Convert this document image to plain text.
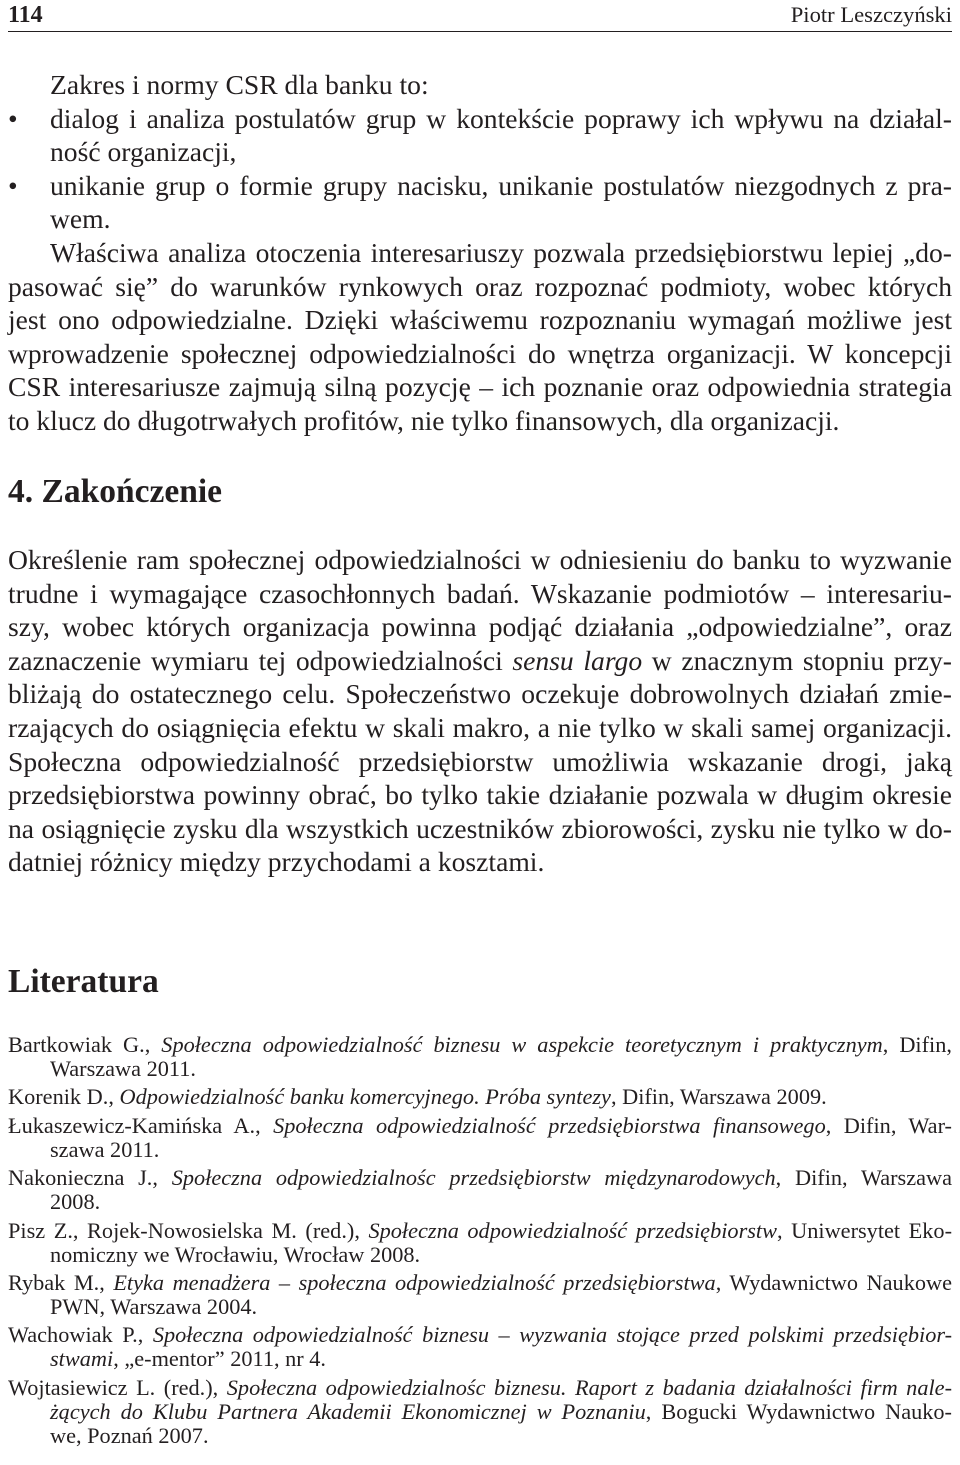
114	Piotr Leszczyński
Zakres i normy CSR dla banku to:
• dialog i analiza postulatów grup w kontekście poprawy ich wpływu na działal-
ność organizacji,
• unikanie grup o formie grupy nacisku, unikanie postulatów niezgodnych z pra-
wem.
Właściwa analiza otoczenia interesariuszy pozwala przedsiębiorstwu lepiej „do-
pasować się” do warunków rynkowych oraz rozpoznać podmioty, wobec których
jest ono odpowiedzialne. Dzięki właściwemu rozpoznaniu wymagań możliwe jest
wprowadzenie społecznej odpowiedzialności do wnętrza organizacji. W koncepcji
CSR interesariusze zajmują silną pozycję – ich poznanie oraz odpowiednia strategia
to klucz do długotrwałych profitów, nie tylko finansowych, dla organizacji.
4. Zakończenie
Określenie ram społecznej odpowiedzialności w odniesieniu do banku to wyzwanie
trudne i wymagające czasochłonnych badań. Wskazanie podmiotów – interesariu-
szy, wobec których organizacja powinna podjąć działania „odpowiedzialne”, oraz
zaznaczenie wymiaru tej odpowiedzialności sensu largo w znacznym stopniu przy-
bliżają do ostatecznego celu. Społeczeństwo oczekuje dobrowolnych działań zmie-
rzających do osiągnięcia efektu w skali makro, a nie tylko w skali samej organizacji.
Społeczna odpowiedzialność przedsiębiorstw umożliwia wskazanie drogi, jaką
przedsiębiorstwa powinny obrać, bo tylko takie działanie pozwala w długim okresie
na osiągnięcie zysku dla wszystkich uczestników zbiorowości, zysku nie tylko w do-
datniej różnicy między przychodami a kosztami.
Literatura
Bartkowiak G., Społeczna odpowiedzialność biznesu w aspekcie teoretycznym i praktycznym, Difin,
Warszawa 2011.
Korenik D., Odpowiedzialność banku komercyjnego. Próba syntezy, Difin, Warszawa 2009.
Łukaszewicz-Kamińska A., Społeczna odpowiedzialność przedsiębiorstwa finansowego, Difin, War-
szawa 2011.
Nakonieczna J., Społeczna odpowiedzialnośc przedsiębiorstw międzynarodowych, Difin, Warszawa
2008.
Pisz Z., Rojek-Nowosielska M. (red.), Społeczna odpowiedzialność przedsiębiorstw, Uniwersytet Eko-
nomiczny we Wrocławiu, Wrocław 2008.
Rybak M., Etyka menadżera – społeczna odpowiedzialność przedsiębiorstwa, Wydawnictwo Naukowe
PWN, Warszawa 2004.
Wachowiak P., Społeczna odpowiedzialność biznesu – wyzwania stojące przed polskimi przedsiębior-
stwami, „e-mentor” 2011, nr 4.
Wojtasiewicz L. (red.), Społeczna odpowiedzialnośc biznesu. Raport z badania działalności firm nale-
żących do Klubu Partnera Akademii Ekonomicznej w Poznaniu, Bogucki Wydawnictwo Nauko-
we, Poznań 2007.
